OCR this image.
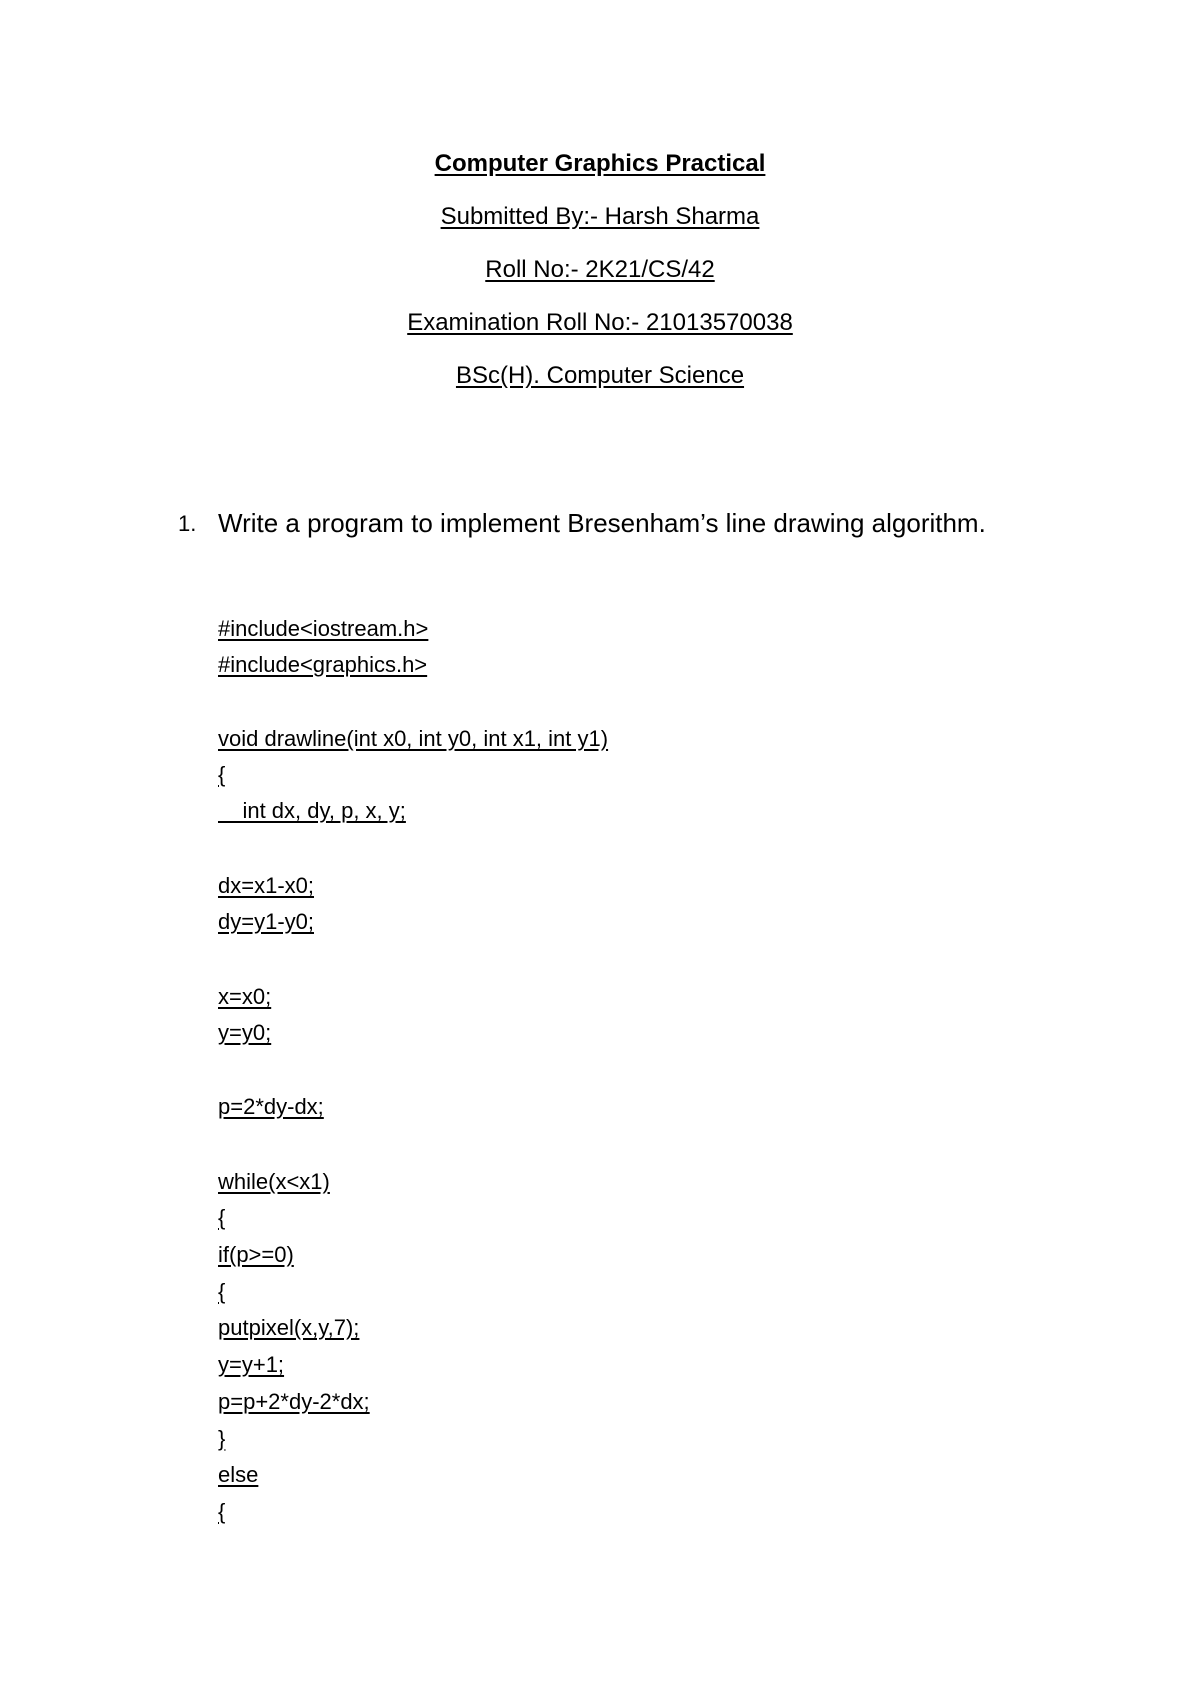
Computer Graphics Practical
Submitted By:- Harsh Sharma
Roll No:- 2K21/CS/42
Examination Roll No:- 21013570038
BSc(H). Computer Science
1. Write a program to implement Bresenham’s line drawing algorithm.
#include<iostream.h>
#include<graphics.h>
void drawline(int x0, int y0, int x1, int y1)
{
int dx, dy, p, x, y;
dx=x1-x0;
dy=y1-y0;
x=x0;
y=y0;
p=2*dy-dx;
while(x<x1)
{
if(p>=0)
{
putpixel(x,y,7);
y=y+1;
p=p+2*dy-2*dx;
}
else
{
